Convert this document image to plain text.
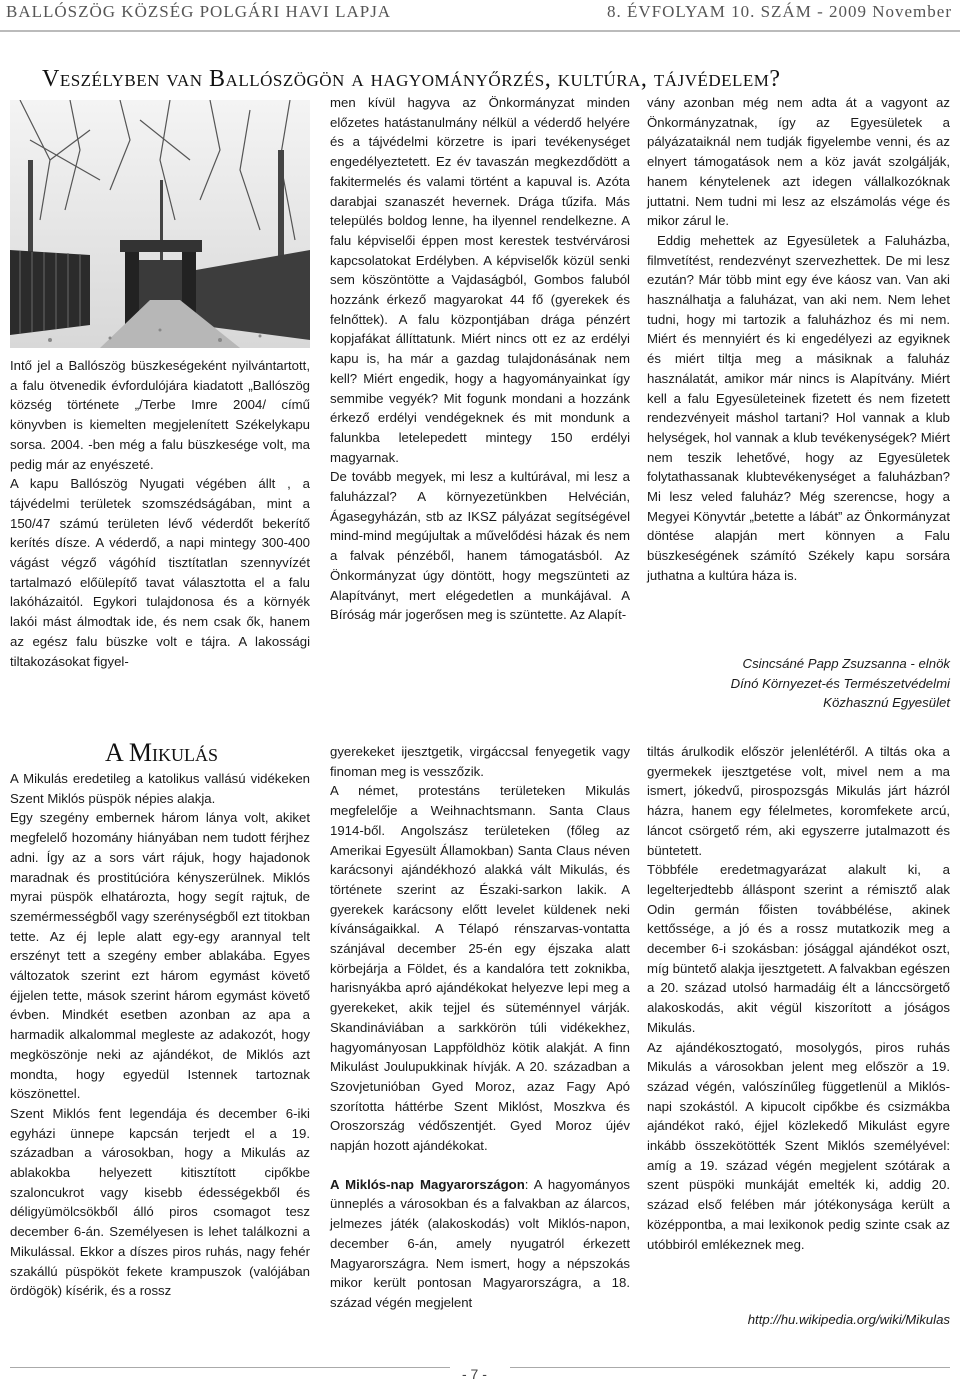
BALLÓSZÖG KÖZSÉG POLGÁRI HAVI LAPJA	8. ÉVFOLYAM 10. SZÁM - 2009 November
Veszélyben van Ballószögön a hagyományőrzés, kultúra, tájvédelem?

Intő jel a Ballószög büszkeségeként nyilvántartott, a falu ötvenedik évfordulójára kiadatott „Ballószög község története „/Terbe Imre 2004/ című könyvben is kiemelten megjelenített Székelykapu sorsa. 2004. -ben még a falu büszkesége volt, ma pedig már az enyészeté.

A kapu Ballószög Nyugati végében állt , a tájvédelmi területek szomszédságában, mint a 150/47 számú területen lévő véderdőt bekerítő kerítés dísze. A véderdő, a napi mintegy 300-400 vágást végző vágóhíd tisztítatlan szennyvízét tartalmazó előülepítő tavat választotta el a falu lakóházaitól. Egykori tulajdonosa és a környék lakói mást álmodtak ide, és nem csak ők, hanem az egész falu büszke volt e tájra. A lakossági tiltakozásokat figyel-

men kívül hagyva az Önkormányzat minden előzetes hatástanulmány nélkül a véderdő helyére és a tájvédelmi körzetre is ipari tevékenységet engedélyeztetett. Ez év tavaszán megkezdődött a fakitermelés és valami történt a kapuval is. Azóta darabjai szanaszét hevernek. Drága tűzifa. Más település boldog lenne, ha ilyennel rendelkezne. A falu képviselői éppen most kerestek testvérvárosi kapcsolatokat Erdélyben. A képviselők közül senki sem köszöntötte a Vajdaságból, Gombos faluból hozzánk érkező magyarokat 44 fő (gyerekek és felnőttek). A falu központjában drága pénzért kopjafákat állíttatunk. Miért nincs ott ez az erdélyi kapu is, ha már a gazdag tulajdonásának nem kell? Miért engedik, hogy a hagyományainkat így semmibe vegyék? Mit fogunk mondani a hozzánk érkező erdélyi vendégeknek és mit mondunk a falunkba letelepedett mintegy 150 erdélyi magyarnak.

De tovább megyek, mi lesz a kultúrával, mi lesz a faluházzal? A környezetünkben Helvécián, Ágasegyházán, stb az IKSZ pályázat segítségével mind-mind megújultak a művelődési házak és nem a falvak pénzéből, hanem támogatásból. Az Önkormányzat úgy döntött, hogy megszünteti az Alapítványt, mert elégedetlen a munkájával. A Bíróság már jogerősen meg is szüntette. Az Alapít-

vány azonban még nem adta át a vagyont az Önkormányzatnak, így az Egyesületek a pályázataiknál nem tudják figyelembe venni, és az elnyert támogatások nem a köz javát szolgálják, hanem kénytelenek azt idegen vállalkozóknak juttatni. Nem tudni mi lesz az elszámolás vége és mikor zárul le.

Eddig mehettek az Egyesületek a Faluházba, filmvetítést, rendezvényt szervezhettek. De mi lesz ezután? Már több mint egy éve káosz van. Van aki használhatja a faluházat, van aki nem. Nem lehet tudni, hogy mi tartozik a faluházhoz és mi nem. Miért és mennyiért és ki engedélyezi az egyiknek és miért tiltja meg a másiknak a faluház használatát, amikor már nincs is Alapítvány. Miért kell a falu Egyesületeinek fizetett és nem fizetett rendezvényeit máshol tartani? Hol vannak a klub helységek, hol vannak a klub tevékenységek? Miért nem teszik lehetővé, hogy az Egyesületek folytathassanak klubtevékenységet a faluházban? Mi lesz veled faluház? Még szerencse, hogy a Megyei Könyvtár „betette a lábát” az Önkormányzat döntése alapján mert könnyen a Falu büszkeségének számító Székely kapu sorsára juthatna a kultúra háza is.

Csincsáné Papp Zsuzsanna - elnök

Dínó Környezet-és Természetvédelmi

Közhasznú Egyesület

A Mikulás

A Mikulás eredetileg a katolikus vallású vidékeken Szent Miklós püspök népies alakja.

Egy szegény embernek három lánya volt, akiket megfelelő hozomány hiányában nem tudott férjhez adni. Így az a sors várt rájuk, hogy hajadonok maradnak és prostitúcióra kényszerülnek. Miklós myrai püspök elhatározta, hogy segít rajtuk, de szemérmességből vagy szerénységből ezt titokban tette. Az éj leple alatt egy-egy arannyal telt erszényt tett a szegény ember ablakába. Egyes változatok szerint ezt három egymást követő éjjelen tette, mások szerint három egymást követő évben. Mindkét esetben azonban az apa a harmadik alkalommal megleste az adakozót, hogy megköszönje neki az ajándékot, de Miklós azt mondta, hogy egyedül Istennek tartoznak köszönettel.

Szent Miklós fent legendája és december 6-iki egyházi ünnepe kapcsán terjedt el a 19. században a városokban, hogy a Mikulás az ablakokba helyezett kitisztított cipőkbe szaloncukrot vagy kisebb édességekből és déligyümölcsökből álló piros csomagot tesz december 6-án. Személyesen is lehet találkozni a Mikulással. Ekkor a díszes piros ruhás, nagy fehér szakállú püspököt fekete krampuszok (valójában ördögök) kísérik, és a rossz

gyerekeket ijesztgetik, virgáccsal fenyegetik vagy finoman meg is vesszőzik.

A német, protestáns területeken Mikulás megfelelője a Weihnachtsmann. Santa Claus 1914-ből. Angolszász területeken (főleg az Amerikai Egyesült Államokban) Santa Claus néven karácsonyi ajándékhozó alakká vált Mikulás, és története szerint az Északi-sarkon lakik. A gyerekek karácsony előtt levelet küldenek neki kívánságaikkal. A Télapó rénszarvas-vontatta szánjával december 25-én egy éjszaka alatt körbejárja a Földet, és a kandalóra tett zoknikba, harisnyákba apró ajándékokat helyezve lepi meg a gyerekeket, akik tejjel és süteménnyel várják. Skandináviában a sarkkörön túli vidékekhez, hagyományosan Lappföldhöz kötik alakját. A finn Mikulást Joulupukkinak hívják. A 20. században a Szovjetunióban Gyed Moroz, azaz Fagy Apó szorította háttérbe Szent Miklóst, Moszkva és Oroszország védőszentjét. Gyed Moroz újév napján hozott ajándékokat.

A Miklós-nap Magyarországon: A hagyományos ünneplés a városokban és a falvakban az álarcos, jelmezes játék (alakoskodás) volt Miklós-napon, december 6-án, amely nyugatról érkezett Magyarországra. Nem ismert, hogy a népszokás mikor került pontosan Magyarországra, a 18. század végén megjelent

tiltás árulkodik először jelenlétéről. A tiltás oka a gyermekek ijesztgetése volt, mivel nem a ma ismert, jókedvű, pirospozsgás Mikulás járt házról házra, hanem egy félelmetes, koromfekete arcú, láncot csörgető rém, aki egyszerre jutalmazott és büntetett.

Többféle eredetmagyarázat alakult ki, a legelterjedtebb álláspont szerint a rémisztő alak Odin germán főisten továbbélése, akinek kettőssége, a jó és a rossz mutatkozik meg a december 6-i szokásban: jósággal ajándékot oszt, míg büntető alakja ijesztgetett. A falvakban egészen a 20. század utolsó harmadáig élt a lánccsörgető alakoskodás, akit végül kiszorított a jóságos Mikulás.

Az ajándékosztogató, mosolygós, piros ruhás Mikulás a városokban jelent meg először a 19. század végén, valószínűleg függetlenül a Miklós-napi szokástól. A kipucolt cipőkbe és csizmákba ajándékot rakó, éjjel közlekedő Mikulást egyre inkább összekötötték Szent Miklós személyével: amíg a 19. század végén megjelent szótárak a szent püspöki munkáját emelték ki, addig 20. század első felében már jótékonysága került a középpontba, a mai lexikonok pedig szinte csak az utóbbiról emlékeznek meg.

http://hu.wikipedia.org/wiki/Mikulas
- 7 -
